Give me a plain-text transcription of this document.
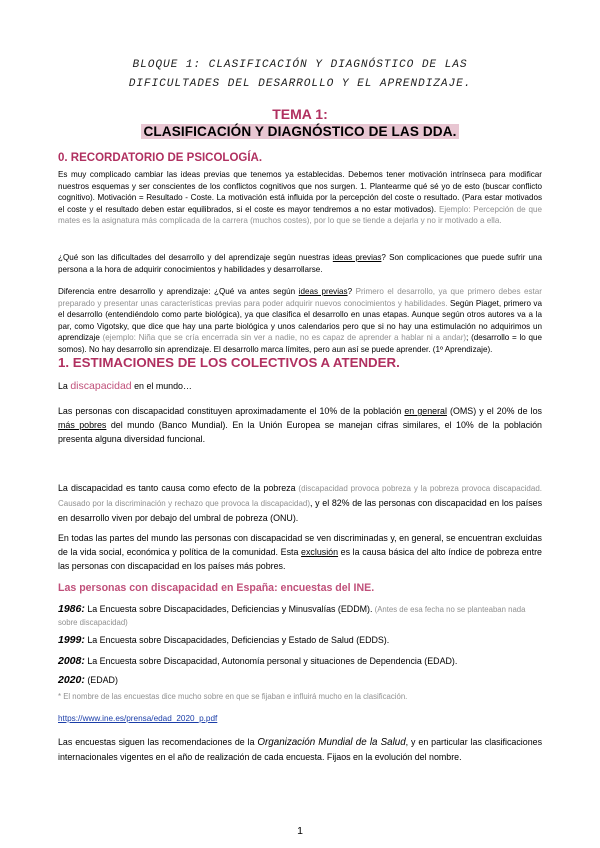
BLOQUE 1: CLASIFICACIÓN Y DIAGNÓSTICO DE LAS
DIFICULTADES DEL DESARROLLO Y EL APRENDIZAJE.
TEMA 1:
CLASIFICACIÓN Y DIAGNÓSTICO DE LAS DDA.
0. RECORDATORIO DE PSICOLOGÍA.
Es muy complicado cambiar las ideas previas que tenemos ya establecidas. Debemos tener motivación intrínseca para modificar nuestros esquemas y ser conscientes de los conflictos cognitivos que nos surgen. 1. Plantearme qué sé yo de esto (buscar conflicto cognitivo). Motivación = Resultado - Coste. La motivación está influida por la percepción del coste o resultado. (Para estar motivados el coste y el resultado deben estar equilibrados, si el coste es mayor tendremos a no estar motivados). Ejemplo: Percepción de que mates es la asignatura más complicada de la carrera (muchos costes), por lo que se tiende a dejarla y no ir motivado a ella.
¿Qué son las dificultades del desarrollo y del aprendizaje según nuestras ideas previas? Son complicaciones que puede sufrir una persona a la hora de adquirir conocimientos y habilidades y desarrollarse.
Diferencia entre desarrollo y aprendizaje: ¿Qué va antes según ideas previas? Primero el desarrollo, ya que primero debes estar preparado y presentar unas características previas para poder adquirir nuevos conocimientos y habilidades. Según Piaget, primero va el desarrollo (entendiéndolo como parte biológica), ya que clasifica el desarrollo en unas etapas. Aunque según otros autores va a la par, como Vigotsky, que dice que hay una parte biológica y unos calendarios pero que si no hay una estimulación no adquirimos un aprendizaje (ejemplo: Niña que se cría encerrada sin ver a nadie, no es capaz de aprender a hablar ni a andar); (desarrollo = lo que somos). No hay desarrollo sin aprendizaje. El desarrollo marca límites, pero aun así se puede aprender. (1º Aprendizaje).
1. ESTIMACIONES DE LOS COLECTIVOS A ATENDER.
La discapacidad en el mundo…
Las personas con discapacidad constituyen aproximadamente el 10% de la población en general (OMS) y el 20% de los más pobres del mundo (Banco Mundial). En la Unión Europea se manejan cifras similares, el 10% de la población presenta alguna diversidad funcional.
La discapacidad es tanto causa como efecto de la pobreza (discapacidad provoca pobreza y la pobreza provoca discapacidad. Causado por la discriminación y rechazo que provoca la discapacidad), y el 82% de las personas con discapacidad en los países en desarrollo viven por debajo del umbral de pobreza (ONU).
En todas las partes del mundo las personas con discapacidad se ven discriminadas y, en general, se encuentran excluidas de la vida social, económica y política de la comunidad. Esta exclusión es la causa básica del alto índice de pobreza entre las personas con discapacidad en los países más pobres.
Las personas con discapacidad en España: encuestas del INE.
1986: La Encuesta sobre Discapacidades, Deficiencias y Minusvalías (EDDM). (Antes de esa fecha no se planteaban nada sobre discapacidad)
1999: La Encuesta sobre Discapacidades, Deficiencias y Estado de Salud (EDDS).
2008: La Encuesta sobre Discapacidad, Autonomía personal y situaciones de Dependencia (EDAD).
2020: (EDAD)
* El nombre de las encuestas dice mucho sobre en que se fijaban e influirá mucho en la clasificación.
https://www.ine.es/prensa/edad_2020_p.pdf
Las encuestas siguen las recomendaciones de la Organización Mundial de la Salud, y en particular las clasificaciones internacionales vigentes en el año de realización de cada encuesta. Fijaos en la evolución del nombre.
1
